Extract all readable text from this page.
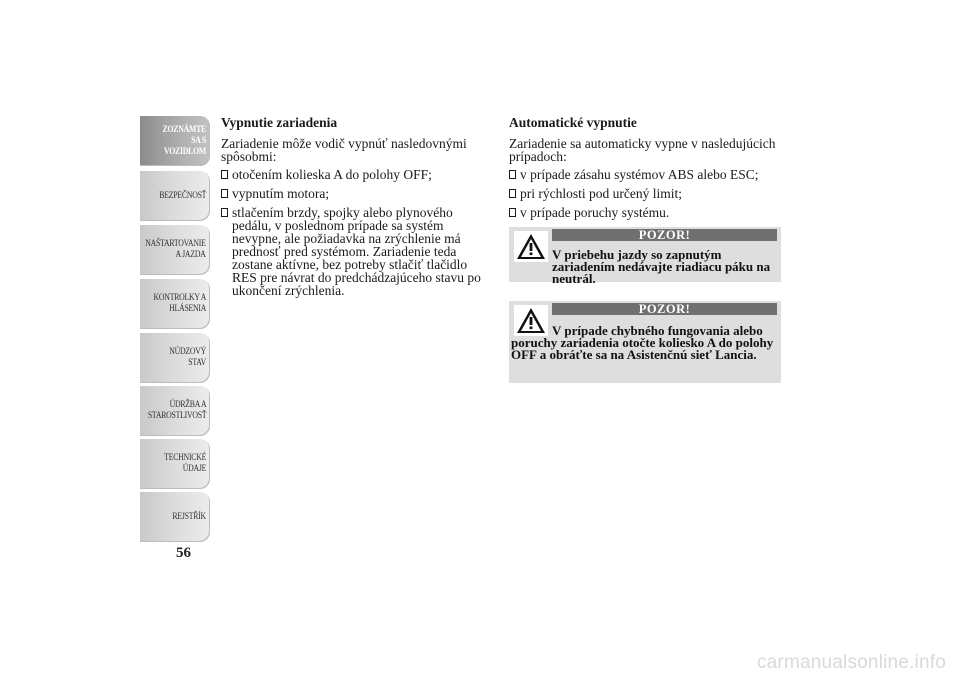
ZOZNÁMTE SA S
VOZIDLOM
BEZPEČNOSŤ
NAŠTARTOVANIE
A JAZDA
KONTROLKY A
HLÁSENIA
NÚDZOVÝ STAV
ÚDRŽBA A
STAROSTLIVOSŤ
TECHNICKÉ
ÚDAJE
REJSTŘÍK
56

Vypnutie zariadenia

Zariadenie môže vodič vypnúť nasledovnými spôsobmi:

otočením kolieska A do polohy OFF;
vypnutím motora;
stlačením brzdy, spojky alebo plynového pedálu, v poslednom prípade sa systém nevypne, ale požiadavka na zrýchlenie má prednosť pred systémom. Zariadenie teda zostane aktívne, bez potreby stlačiť tlačidlo RES pre návrat do predchádzajúceho stavu po ukončení zrýchlenia.

Automatické vypnutie

Zariadenie sa automaticky vypne v nasledujúcich prípadoch:

v prípade zásahu systémov ABS alebo ESC;
pri rýchlosti pod určený limit;
v prípade poruchy systému.
POZOR!
V priebehu jazdy so zapnutým zariadením nedávajte riadiacu páku na neutrál.
POZOR!
V prípade chybného fungovania alebo poruchy zariadenia otočte koliesko A do polohy OFF a obráťte sa na Asistenčnú sieť Lancia.
carmanualsonline.info
